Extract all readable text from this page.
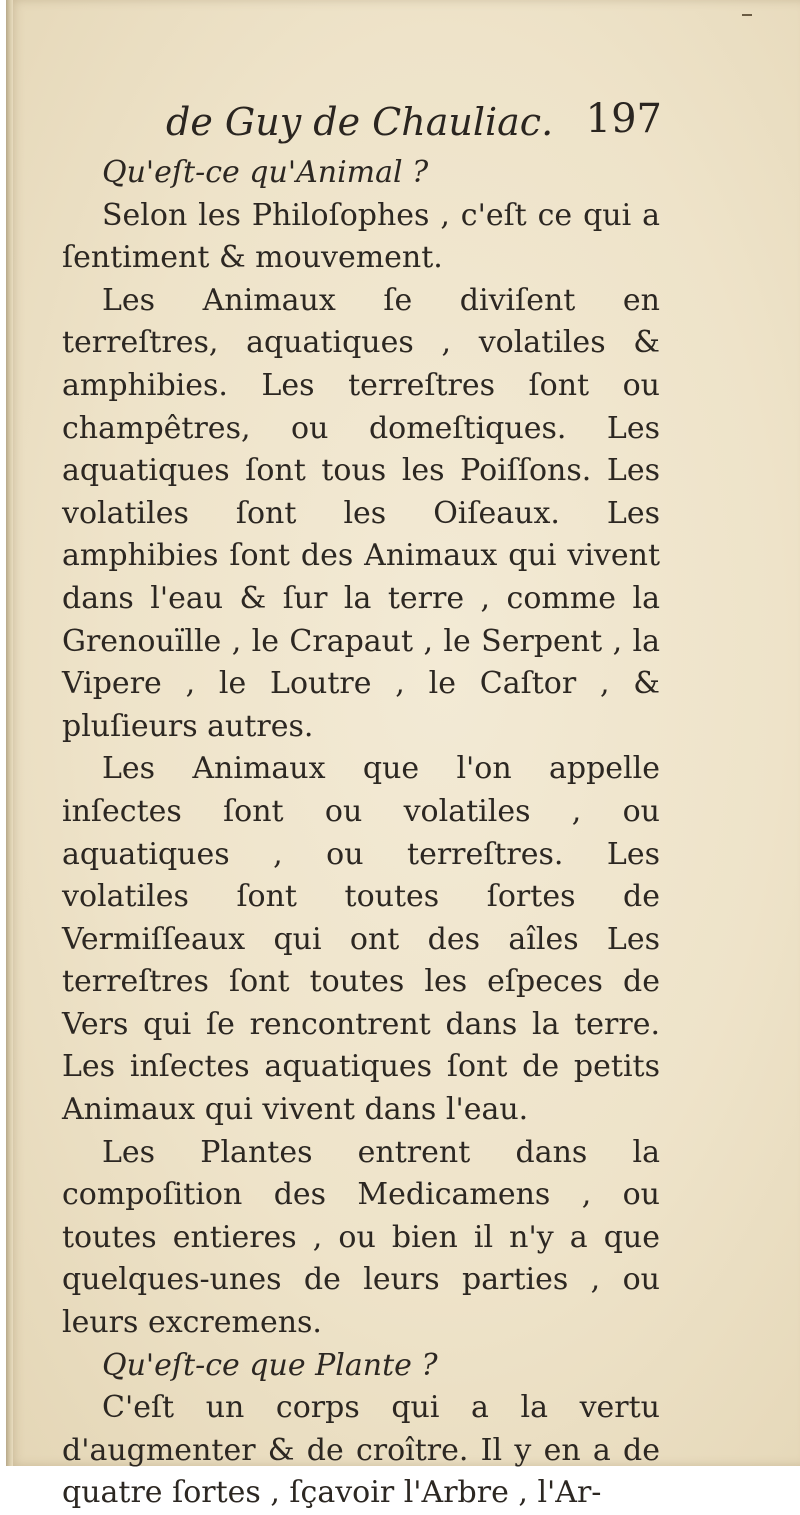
de Guy de Chauliac. 197

Qu'eſt-ce qu'Animal ?

Selon les Philoſophes , c'eſt ce qui a ſentiment & mouvement.

Les Animaux ſe diviſent en terreſtres, aquatiques , volatiles & amphibies. Les terreſtres ſont ou champêtres, ou domeſtiques. Les aquatiques ſont tous les Poiſſons. Les volatiles ſont les Oiſeaux. Les amphibies ſont des Animaux qui vivent dans l'eau & ſur la terre , comme la Grenouïlle , le Crapaut , le Serpent , la Vipere , le Loutre , le Caſtor , & pluſieurs autres.

Les Animaux que l'on appelle inſectes ſont ou volatiles , ou aquatiques , ou terreſtres. Les volatiles ſont toutes ſortes de Vermiſſeaux qui ont des aîles Les terreſtres ſont toutes les eſpeces de Vers qui ſe rencontrent dans la terre. Les inſectes aquatiques ſont de petits Animaux qui vivent dans l'eau.

Les Plantes entrent dans la compoſition des Medicamens , ou toutes entieres , ou bien il n'y a que quelques-unes de leurs parties , ou leurs excremens.

Qu'eſt-ce que Plante ?

C'eſt un corps qui a la vertu d'augmenter & de croître. Il y en a de quatre ſortes , ſçavoir l'Arbre , l'Ar-
